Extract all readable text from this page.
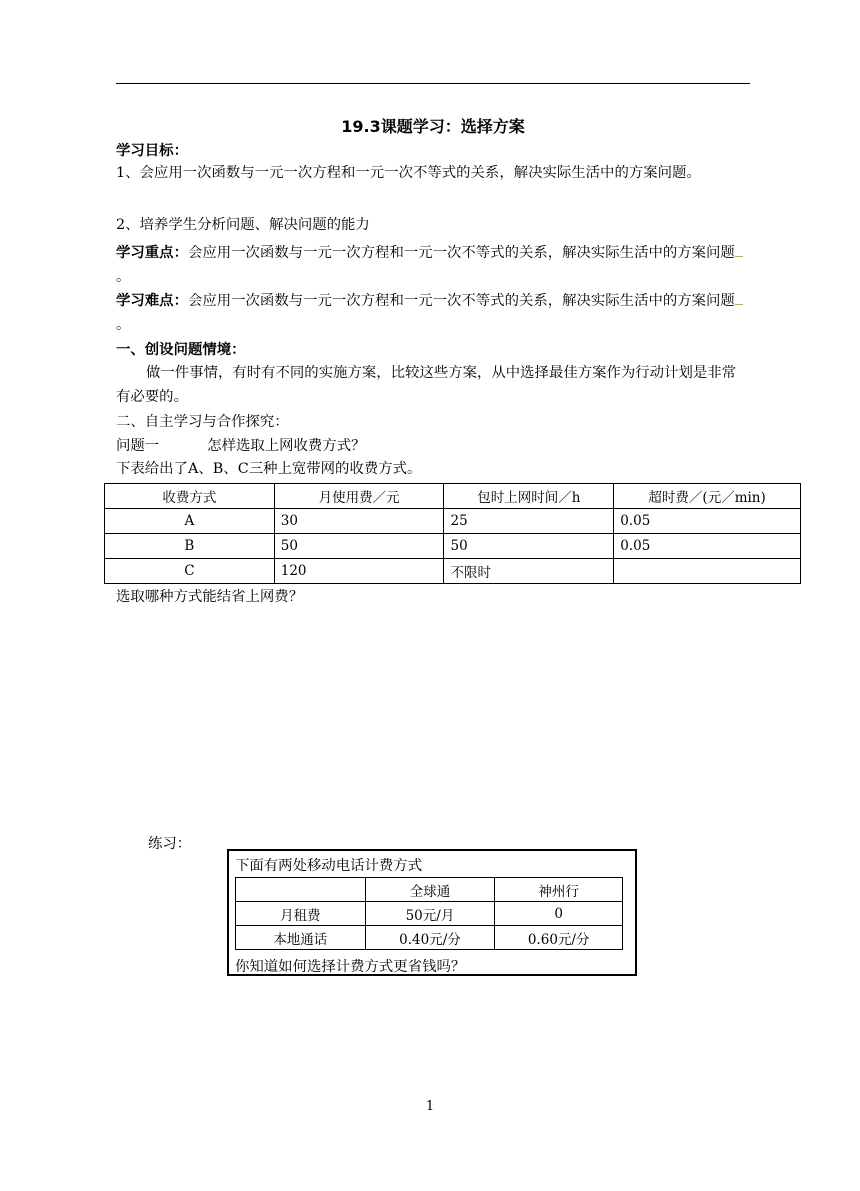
19.3课题学习：选择方案
学习目标：
1、会应用一次函数与一元一次方程和一元一次不等式的关系，解决实际生活中的方案问题。
2、培养学生分析问题、解决问题的能力
学习重点：会应用一次函数与一元一次方程和一元一次不等式的关系，解决实际生活中的方案问题。
学习难点：会应用一次函数与一元一次方程和一元一次不等式的关系，解决实际生活中的方案问题。
一、创设问题情境：
做一件事情，有时有不同的实施方案，比较这些方案，从中选择最佳方案作为行动计划是非常有必要的。
二、自主学习与合作探究：
问题一	怎样选取上网收费方式？
下表给出了A、B、C三种上宽带网的收费方式。
收费方式	月使用费／元	包时上网时间／h	超时费／(元／min)
A	30	25	0.05
B	50	50	0.05
C	120	不限时	
选取哪种方式能结省上网费？
练习：
下面有两处移动电话计费方式
	全球通	神州行
月租费	50元/月	0
本地通话	0.40元/分	0.60元/分
你知道如何选择计费方式更省钱吗？
1
